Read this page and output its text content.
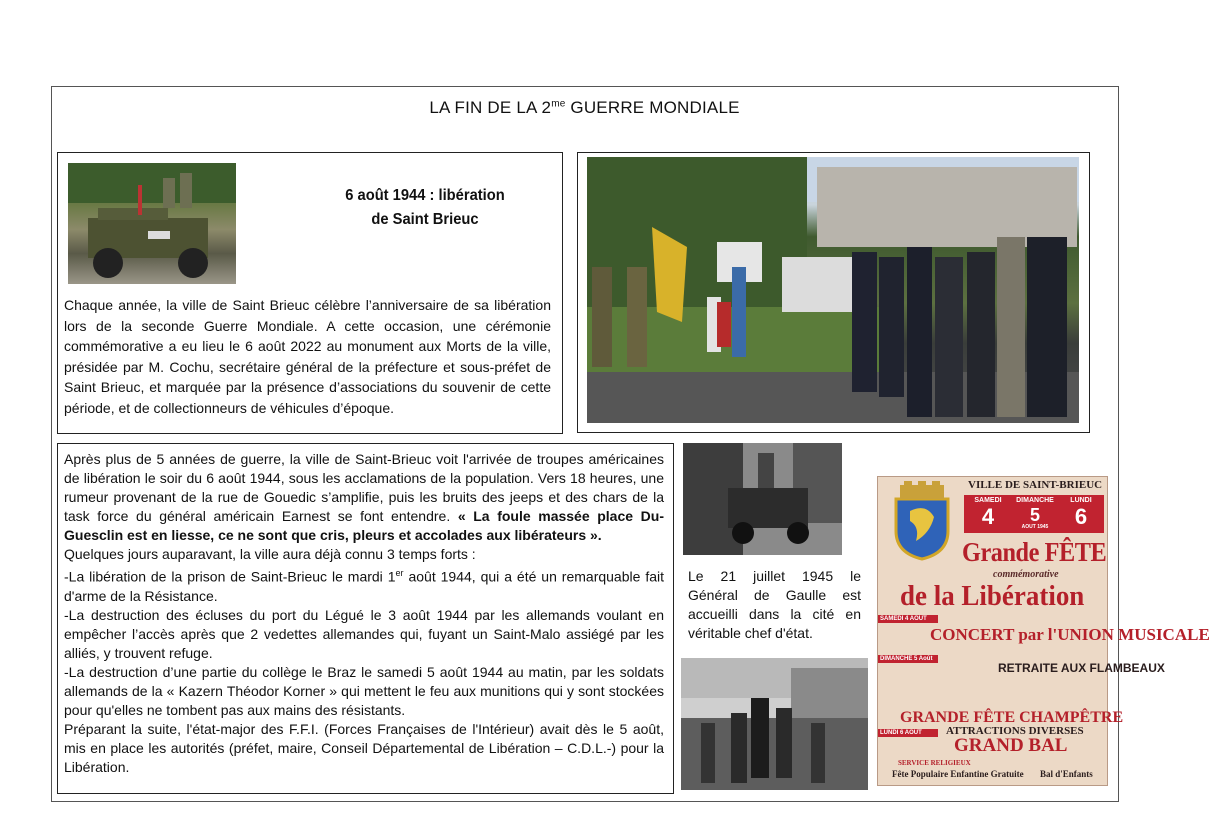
LA FIN DE LA $2^{me}$ GUERRE MONDIALE
6 août 1944 : libération
de Saint Brieuc
Chaque année, la ville de Saint Brieuc célèbre l’anniversaire de sa libération lors de la seconde Guerre Mondiale. A cette occasion, une cérémonie commémorative a eu lieu le 6 août 2022 au monument aux Morts de la ville, présidée par M. Cochu, secrétaire général de la préfecture et sous-préfet de Saint Brieuc, et marquée par la présence d’associations du souvenir de cette période, et de collectionneurs de véhicules d’époque.

Après plus de 5 années de guerre, la ville de Saint-Brieuc voit l'arrivée de troupes américaines de libération le soir du 6 août 1944, sous les acclamations de la population. Vers 18 heures, une rumeur provenant de la rue de Gouedic s’amplifie, puis les bruits des jeeps et des chars de la task force du général américain Earnest se font entendre. « La foule massée place Du-Guesclin est en liesse, ce ne sont que cris, pleurs et accolades aux libérateurs ».

Quelques jours auparavant, la ville aura déjà connu 3 temps forts :

-La libération de la prison de Saint-Brieuc le mardi 1er août 1944, qui a été un remarquable fait d'arme de la Résistance.

-La destruction des écluses du port du Légué le 3 août 1944 par les allemands voulant en empêcher l’accès après que 2 vedettes allemandes qui, fuyant un Saint-Malo assiégé par les alliés, y trouvent refuge.

-La destruction d’une partie du collège le Braz le samedi 5 août 1944 au matin, par les soldats allemands de la « Kazern Théodor Korner » qui mettent le feu aux munitions qui y sont stockées pour qu'elles ne tombent pas aux mains des résistants.

Préparant la suite, l'état-major des F.F.I. (Forces Françaises de l'Intérieur) avait dès le 5 août, mis en place les autorités (préfet, maire, Conseil Départemental de Libération – C.D.L.-) pour la Libération.

Le 21 juillet 1945 le Général de Gaulle est accueilli dans la cité en véritable chef d'état.
VILLE DE SAINT-BRIEUC
SAMEDI
4
DIMANCHE
5
AOUT 1945
LUNDI
6
Grande FÊTE
commémorative
de la Libération
SAMEDI 4 AOUT
CONCERT par l'UNION MUSICALE
RETRAITE AUX FLAMBEAUX
DIMANCHE 5 Août
GRANDE FÊTE CHAMPÊTRE
ATTRACTIONS DIVERSES
GRAND BAL
LUNDI 6 AOUT
SERVICE RELIGIEUX
Fête Populaire Enfantine Gratuite Bal d'Enfants
